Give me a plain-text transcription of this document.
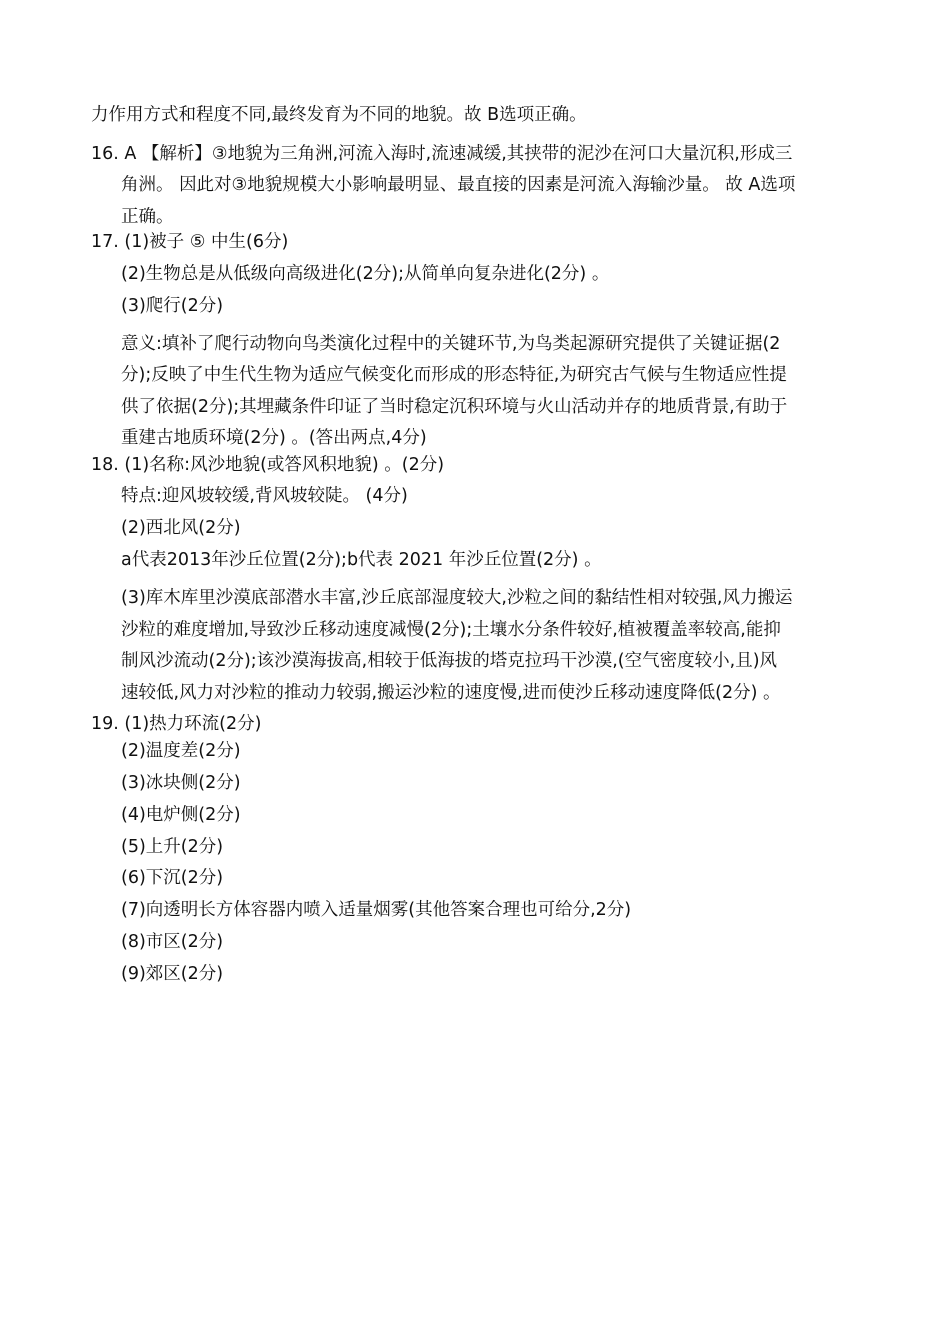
力作用方式和程度不同,最终发育为不同的地貌。故 B选项正确。
16. A 【解析】③地貌为三角洲,河流入海时,流速减缓,其挟带的泥沙在河口大量沉积,形成三
角洲。 因此对③地貌规模大小影响最明显、最直接的因素是河流入海输沙量。 故 A选项
正确。
17. (1)被子 ⑤ 中生(6分)
(2)生物总是从低级向高级进化(2分);从简单向复杂进化(2分) 。
(3)爬行(2分)
意义:填补了爬行动物向鸟类演化过程中的关键环节,为鸟类起源研究提供了关键证据(2
分);反映了中生代生物为适应气候变化而形成的形态特征,为研究古气候与生物适应性提
供了依据(2分);其埋藏条件印证了当时稳定沉积环境与火山活动并存的地质背景,有助于
重建古地质环境(2分) 。(答出两点,4分)
18. (1)名称:风沙地貌(或答风积地貌) 。(2分)
特点:迎风坡较缓,背风坡较陡。 (4分)
(2)西北风(2分)
a代表2013年沙丘位置(2分);b代表 2021 年沙丘位置(2分) 。
(3)库木库里沙漠底部潜水丰富,沙丘底部湿度较大,沙粒之间的黏结性相对较强,风力搬运
沙粒的难度增加,导致沙丘移动速度减慢(2分);土壤水分条件较好,植被覆盖率较高,能抑
制风沙流动(2分);该沙漠海拔高,相较于低海拔的塔克拉玛干沙漠,(空气密度较小,且)风
速较低,风力对沙粒的推动力较弱,搬运沙粒的速度慢,进而使沙丘移动速度降低(2分) 。
19. (1)热力环流(2分)
(2)温度差(2分)
(3)冰块侧(2分)
(4)电炉侧(2分)
(5)上升(2分)
(6)下沉(2分)
(7)向透明长方体容器内喷入适量烟雾(其他答案合理也可给分,2分)
(8)市区(2分)
(9)郊区(2分)
